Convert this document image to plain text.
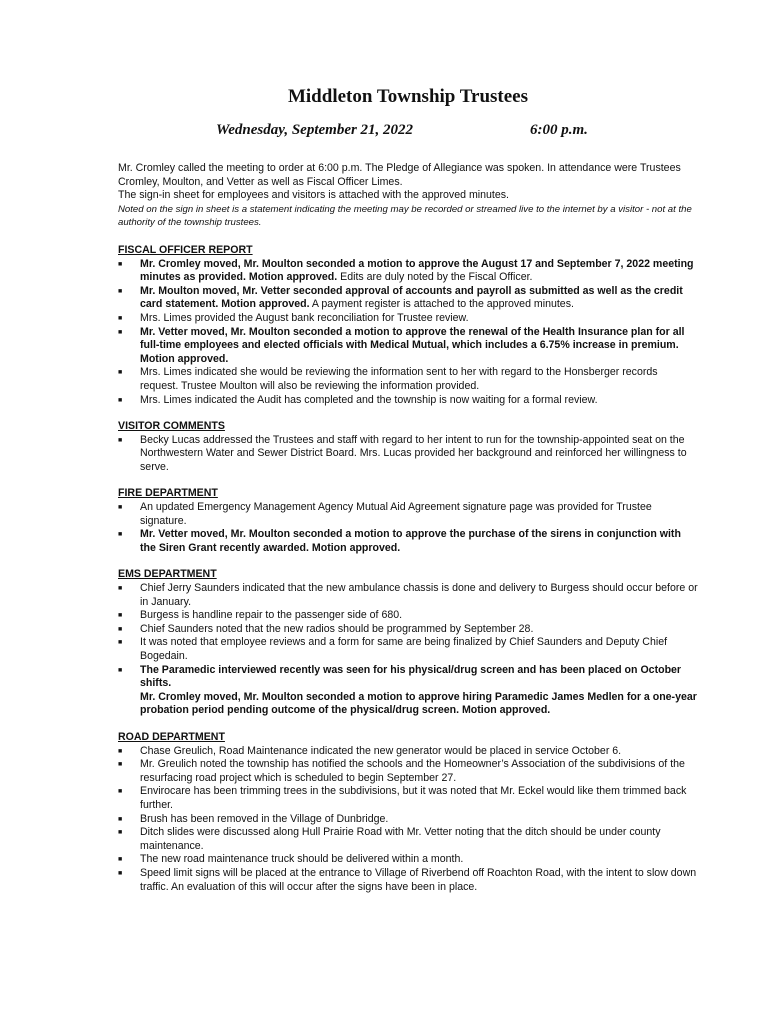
Middleton Township Trustees
Wednesday, September 21, 2022	6:00 p.m.

Mr. Cromley called the meeting to order at 6:00 p.m. The Pledge of Allegiance was spoken. In attendance were Trustees Cromley, Moulton, and Vetter as well as Fiscal Officer Limes.

The sign-in sheet for employees and visitors is attached with the approved minutes.

Noted on the sign in sheet is a statement indicating the meeting may be recorded or streamed live to the internet by a visitor - not at the authority of the township trustees.

FISCAL OFFICER REPORT
■ Mr. Cromley moved, Mr. Moulton seconded a motion to approve the August 17 and September 7, 2022 meeting minutes as provided. Motion approved. Edits are duly noted by the Fiscal Officer.
■ Mr. Moulton moved, Mr. Vetter seconded approval of accounts and payroll as submitted as well as the credit card statement. Motion approved. A payment register is attached to the approved minutes.
■ Mrs. Limes provided the August bank reconciliation for Trustee review.
■ Mr. Vetter moved, Mr. Moulton seconded a motion to approve the renewal of the Health Insurance plan for all full-time employees and elected officials with Medical Mutual, which includes a 6.75% increase in premium. Motion approved.
■ Mrs. Limes indicated she would be reviewing the information sent to her with regard to the Honsberger records request. Trustee Moulton will also be reviewing the information provided.
■ Mrs. Limes indicated the Audit has completed and the township is now waiting for a formal review.
VISITOR COMMENTS
■ Becky Lucas addressed the Trustees and staff with regard to her intent to run for the township-appointed seat on the Northwestern Water and Sewer District Board. Mrs. Lucas provided her background and reinforced her willingness to serve.
FIRE DEPARTMENT
■ An updated Emergency Management Agency Mutual Aid Agreement signature page was provided for Trustee signature.
■ Mr. Vetter moved, Mr. Moulton seconded a motion to approve the purchase of the sirens in conjunction with the Siren Grant recently awarded. Motion approved.
EMS DEPARTMENT
■ Chief Jerry Saunders indicated that the new ambulance chassis is done and delivery to Burgess should occur before or in January.
■ Burgess is handline repair to the passenger side of 680.
■ Chief Saunders noted that the new radios should be programmed by September 28.
■ It was noted that employee reviews and a form for same are being finalized by Chief Saunders and Deputy Chief Bogedain.
■ The Paramedic interviewed recently was seen for his physical/drug screen and has been placed on October shifts.
Mr. Cromley moved, Mr. Moulton seconded a motion to approve hiring Paramedic James Medlen for a one-year probation period pending outcome of the physical/drug screen. Motion approved.
ROAD DEPARTMENT
■ Chase Greulich, Road Maintenance indicated the new generator would be placed in service October 6.
■ Mr. Greulich noted the township has notified the schools and the Homeowner’s Association of the subdivisions of the resurfacing road project which is scheduled to begin September 27.
■ Envirocare has been trimming trees in the subdivisions, but it was noted that Mr. Eckel would like them trimmed back further.
■ Brush has been removed in the Village of Dunbridge.
■ Ditch slides were discussed along Hull Prairie Road with Mr. Vetter noting that the ditch should be under county maintenance.
■ The new road maintenance truck should be delivered within a month.
■ Speed limit signs will be placed at the entrance to Village of Riverbend off Roachton Road, with the intent to slow down traffic. An evaluation of this will occur after the signs have been in place.
